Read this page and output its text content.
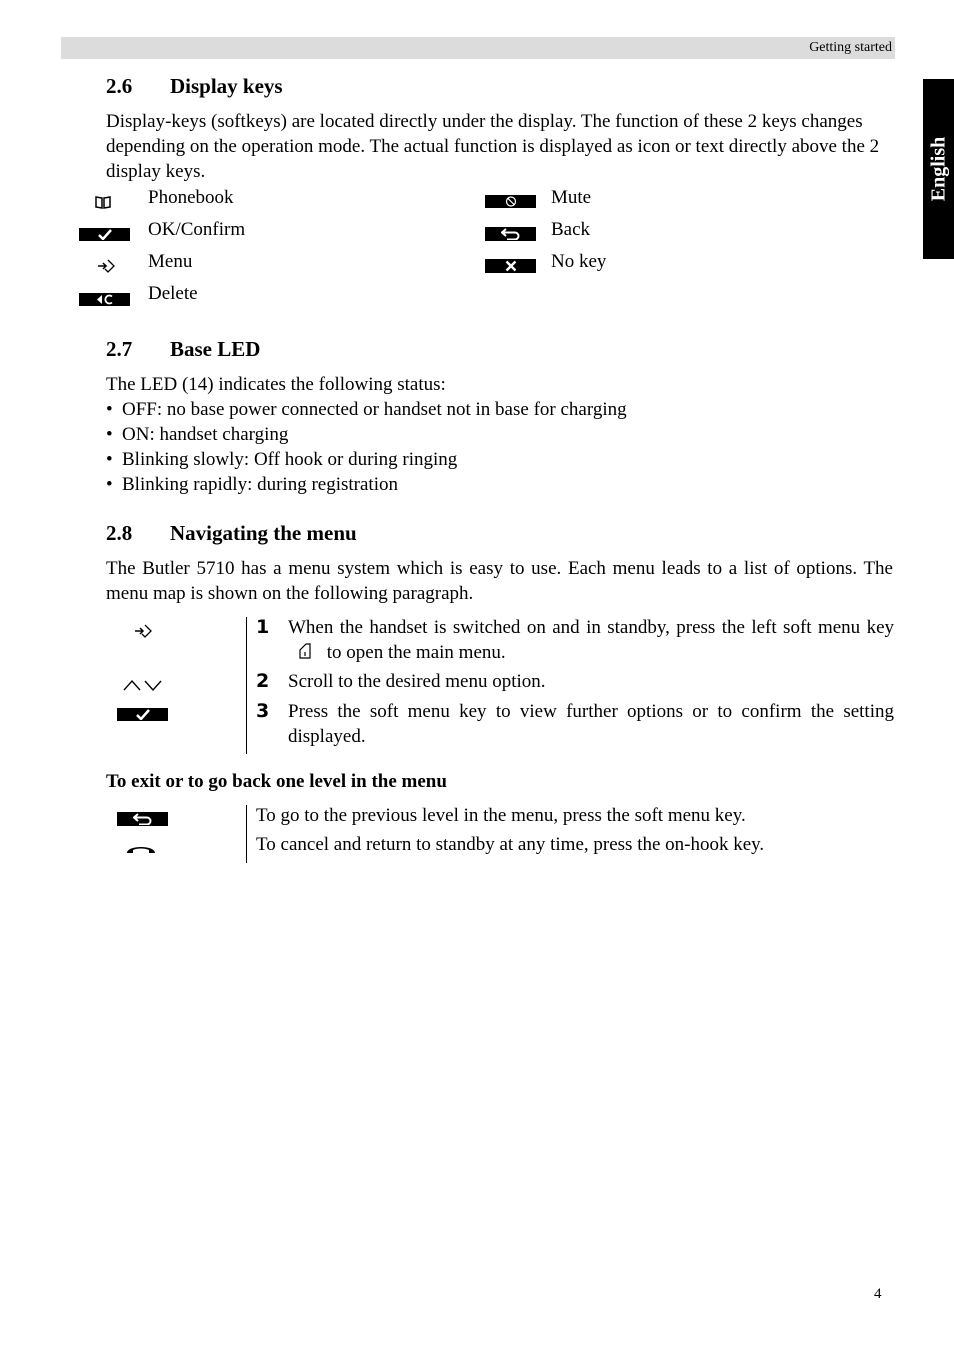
Getting started
English
2.6 Display keys

Display-keys (softkeys) are located directly under the display. The function of these 2 keys changes depending on the operation mode. The actual function is displayed as icon or text directly above the 2 display keys.

Phonebook
OK/Confirm
Menu
Delete
Mute
Back
No key
2.7 Base LED

The LED (14) indicates the following status:

• OFF: no base power connected or handset not in base for charging
• ON: handset charging
• Blinking slowly: Off hook or during ringing
• Blinking rapidly: during registration
2.8 Navigating the menu

The Butler 5710 has a menu system which is easy to use. Each menu leads to a list of options. The menu map is shown on the following paragraph.

1 When the handset is switched on and in standby, press the left soft menu key  to open the main menu.
2 Scroll to the desired menu option.
3 Press the soft menu key to view further options or to confirm the setting displayed.

To exit or to go back one level in the menu

To go to the previous level in the menu, press the soft menu key.

To cancel and return to standby at any time, press the on-hook key.

4
